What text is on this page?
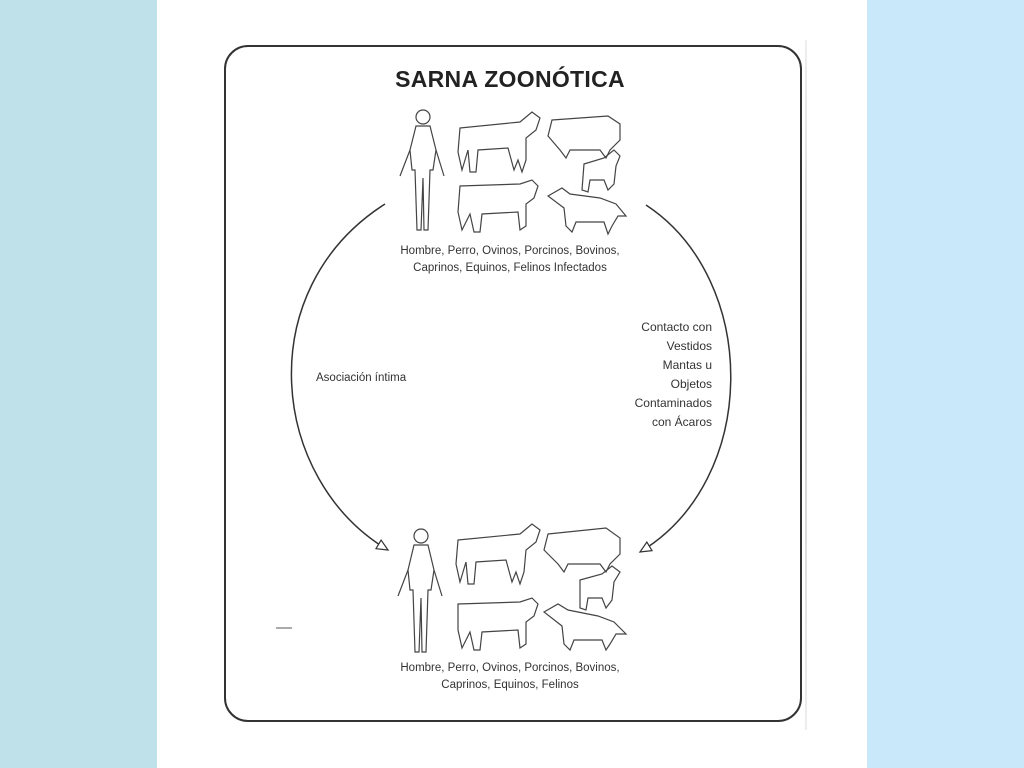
SARNA ZOONÓTICA
Hombre, Perro, Ovinos, Porcinos, Bovinos,
Caprinos, Equinos, Felinos Infectados
Asociación íntima
Contacto con
Vestidos
Mantas u
Objetos
Contaminados
con Ácaros
Hombre, Perro, Ovinos, Porcinos, Bovinos,
Caprinos, Equinos, Felinos
